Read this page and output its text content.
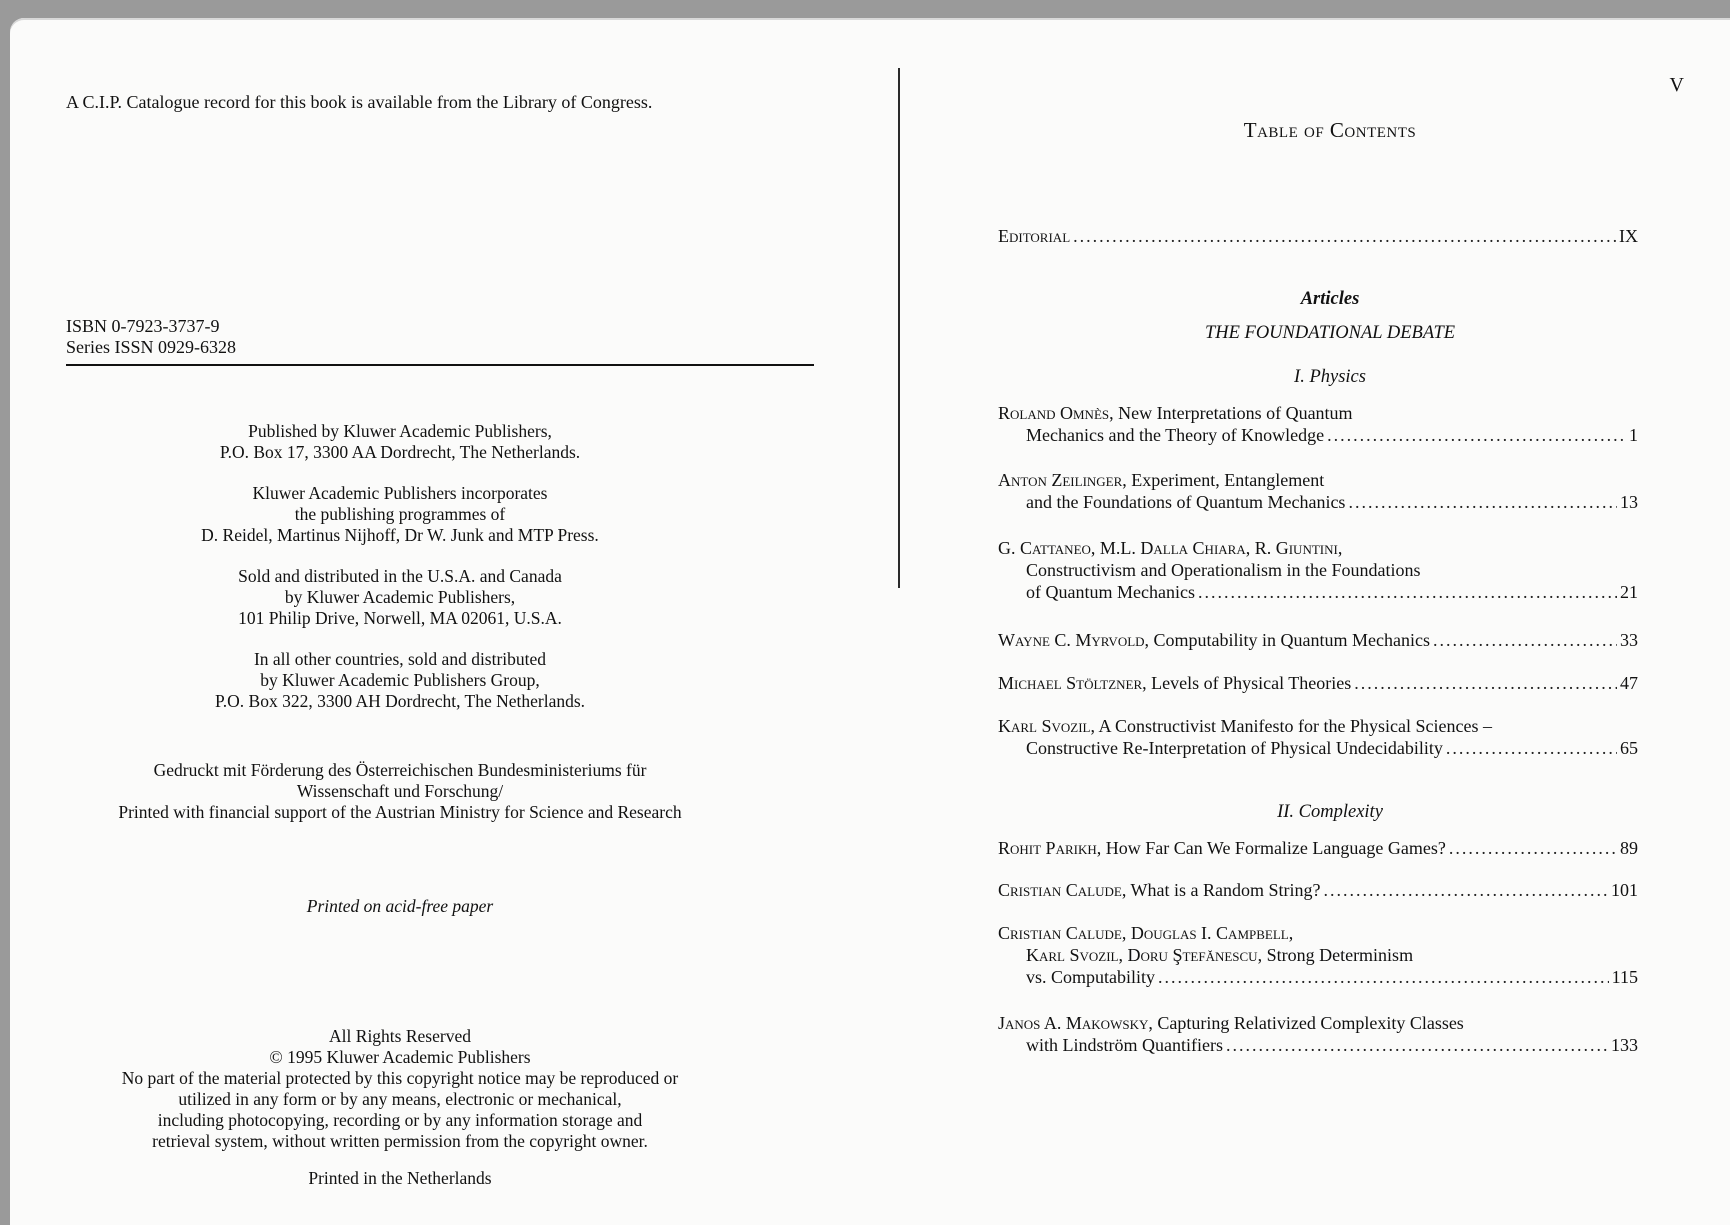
A C.I.P. Catalogue record for this book is available from the Library of Congress.
ISBN 0-7923-3737-9
Series ISSN 0929-6328
Published by Kluwer Academic Publishers,
P.O. Box 17, 3300 AA Dordrecht, The Netherlands.
Kluwer Academic Publishers incorporates
the publishing programmes of
D. Reidel, Martinus Nijhoff, Dr W. Junk and MTP Press.
Sold and distributed in the U.S.A. and Canada
by Kluwer Academic Publishers,
101 Philip Drive, Norwell, MA 02061, U.S.A.
In all other countries, sold and distributed
by Kluwer Academic Publishers Group,
P.O. Box 322, 3300 AH Dordrecht, The Netherlands.
Gedruckt mit Förderung des Österreichischen Bundesministeriums für
Wissenschaft und Forschung/
Printed with financial support of the Austrian Ministry for Science and Research
Printed on acid-free paper
All Rights Reserved
© 1995 Kluwer Academic Publishers
No part of the material protected by this copyright notice may be reproduced or
utilized in any form or by any means, electronic or mechanical,
including photocopying, recording or by any information storage and
retrieval system, without written permission from the copyright owner.
Printed in the Netherlands
V
Table of Contents
Editorial .....	IX
Articles
THE FOUNDATIONAL DEBATE
I. Physics
Roland Omnès, New Interpretations of Quantum
Mechanics and the Theory of Knowledge .....	1
Anton Zeilinger, Experiment, Entanglement
and the Foundations of Quantum Mechanics .....	13
G. Cattaneo, M.L. Dalla Chiara, R. Giuntini,
Constructivism and Operationalism in the Foundations
of Quantum Mechanics .....	21
Wayne C. Myrvold, Computability in Quantum Mechanics .....	33
Michael Stöltzner, Levels of Physical Theories .....	47
Karl Svozil, A Constructivist Manifesto for the Physical Sciences –
Constructive Re-Interpretation of Physical Undecidability .....	65
II. Complexity
Rohit Parikh, How Far Can We Formalize Language Games? .....	89
Cristian Calude, What is a Random String? .....	101
Cristian Calude, Douglas I. Campbell,
Karl Svozil, Doru Ştefănescu, Strong Determinism
vs. Computability .....	115
Janos A. Makowsky, Capturing Relativized Complexity Classes
with Lindström Quantifiers .....	133
